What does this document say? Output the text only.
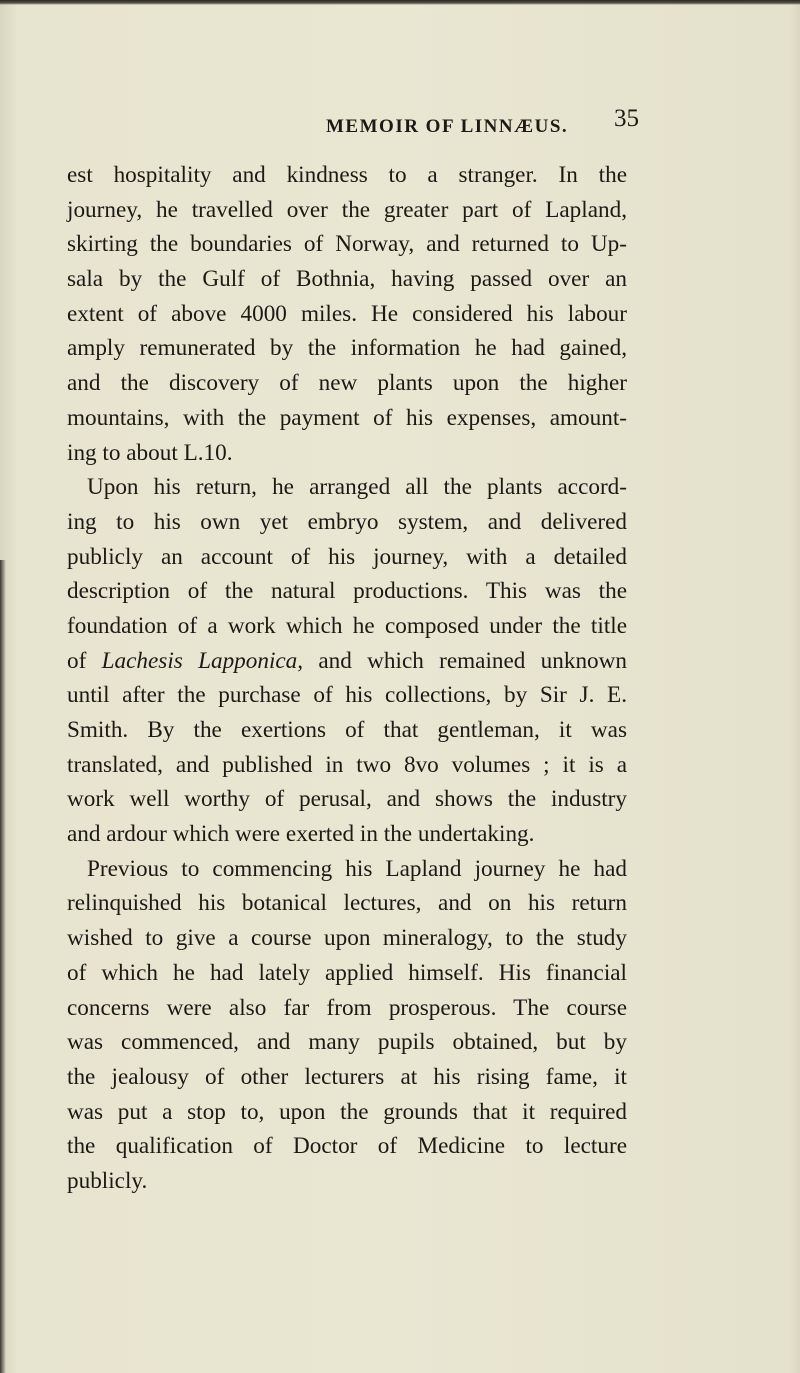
MEMOIR OF LINNÆUS. 35
est hospitality and kindness to a stranger. In the
journey, he travelled over the greater part of Lapland,
skirting the boundaries of Norway, and returned to Up-
sala by the Gulf of Bothnia, having passed over an
extent of above 4000 miles. He considered his labour
amply remunerated by the information he had gained,
and the discovery of new plants upon the higher
mountains, with the payment of his expenses, amount-
ing to about L.10.
Upon his return, he arranged all the plants accord-
ing to his own yet embryo system, and delivered
publicly an account of his journey, with a detailed
description of the natural productions. This was the
foundation of a work which he composed under the title
of Lachesis Lapponica, and which remained unknown
until after the purchase of his collections, by Sir J. E.
Smith. By the exertions of that gentleman, it was
translated, and published in two 8vo volumes ; it is a
work well worthy of perusal, and shows the industry
and ardour which were exerted in the undertaking.
Previous to commencing his Lapland journey he had
relinquished his botanical lectures, and on his return
wished to give a course upon mineralogy, to the study
of which he had lately applied himself. His financial
concerns were also far from prosperous. The course
was commenced, and many pupils obtained, but by
the jealousy of other lecturers at his rising fame, it
was put a stop to, upon the grounds that it required
the qualification of Doctor of Medicine to lecture
publicly.
